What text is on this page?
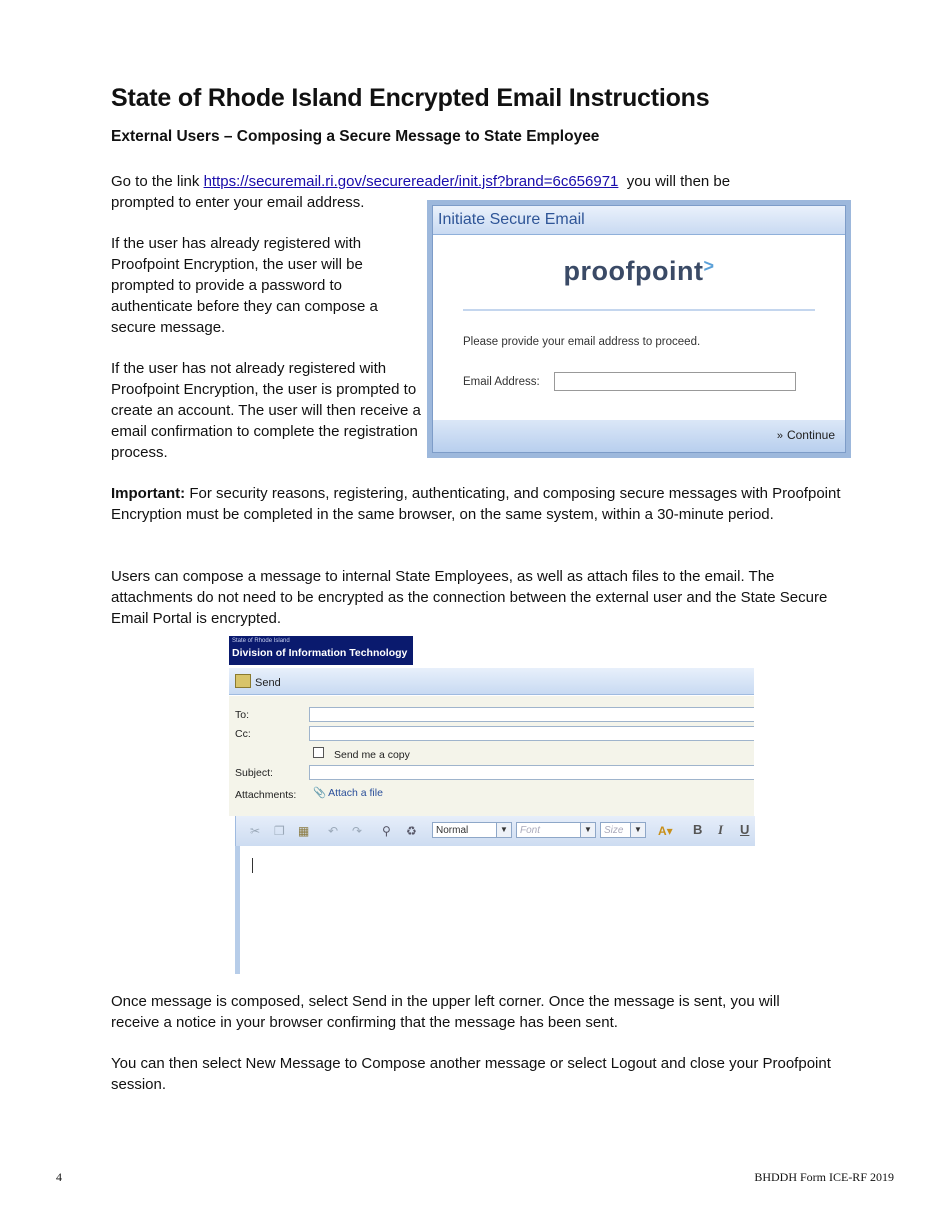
State of Rhode Island Encrypted Email Instructions
External Users – Composing a Secure Message to State Employee

Go to the link https://securemail.ri.gov/securereader/init.jsf?brand=6c656971  you will then be
prompted to enter your email address.

If the user has already registered with Proofpoint Encryption, the user will be prompted to provide a password to authenticate before they can compose a secure message.

If the user has not already registered with Proofpoint Encryption, the user is prompted to create an account. The user will then receive a email confirmation to complete the registration process.

Initiate Secure Email
proofpoint>
Please provide your email address to proceed.
Email Address:
» Continue

Important: For security reasons, registering, authenticating, and composing secure messages with Proofpoint Encryption must be completed in the same browser, on the same system, within a 30-minute period.

Users can compose a message to internal State Employees, as well as attach files to the email. The attachments do not need to be encrypted as the connection between the external user and the State Secure Email Portal is encrypted.

State of Rhode Island
Division of Information Technology
Send
To:
Cc:
Send me a copy
Subject:
Attachments: 📎 Attach a file
✂ ❐ ▦ ↶ ↷ ⚲ ♻	Normal	▼	Font	▼	Size	▼ A▾ B I U

Once message is composed, select Send in the upper left corner. Once the message is sent, you will receive a notice in your browser confirming that the message has been sent.

You can then select New Message to Compose another message or select Logout and close your Proofpoint session.

4	BHDDH Form ICE-RF 2019
